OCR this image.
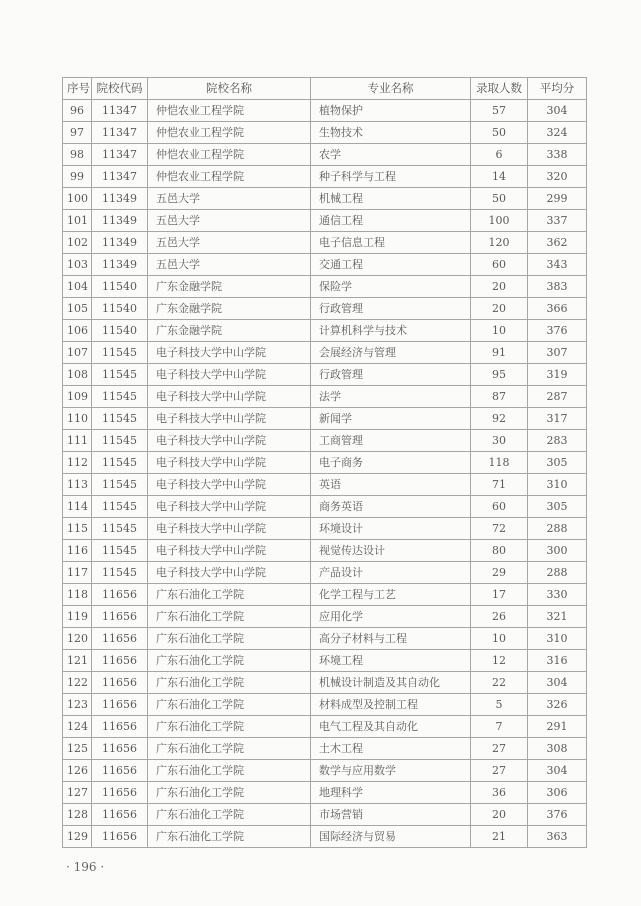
序号	院校代码	院校名称	专业名称	录取人数	平均分
96	11347	仲恺农业工程学院	植物保护	57	304
97	11347	仲恺农业工程学院	生物技术	50	324
98	11347	仲恺农业工程学院	农学	6	338
99	11347	仲恺农业工程学院	种子科学与工程	14	320
100	11349	五邑大学	机械工程	50	299
101	11349	五邑大学	通信工程	100	337
102	11349	五邑大学	电子信息工程	120	362
103	11349	五邑大学	交通工程	60	343
104	11540	广东金融学院	保险学	20	383
105	11540	广东金融学院	行政管理	20	366
106	11540	广东金融学院	计算机科学与技术	10	376
107	11545	电子科技大学中山学院	会展经济与管理	91	307
108	11545	电子科技大学中山学院	行政管理	95	319
109	11545	电子科技大学中山学院	法学	87	287
110	11545	电子科技大学中山学院	新闻学	92	317
111	11545	电子科技大学中山学院	工商管理	30	283
112	11545	电子科技大学中山学院	电子商务	118	305
113	11545	电子科技大学中山学院	英语	71	310
114	11545	电子科技大学中山学院	商务英语	60	305
115	11545	电子科技大学中山学院	环境设计	72	288
116	11545	电子科技大学中山学院	视觉传达设计	80	300
117	11545	电子科技大学中山学院	产品设计	29	288
118	11656	广东石油化工学院	化学工程与工艺	17	330
119	11656	广东石油化工学院	应用化学	26	321
120	11656	广东石油化工学院	高分子材料与工程	10	310
121	11656	广东石油化工学院	环境工程	12	316
122	11656	广东石油化工学院	机械设计制造及其自动化	22	304
123	11656	广东石油化工学院	材料成型及控制工程	5	326
124	11656	广东石油化工学院	电气工程及其自动化	7	291
125	11656	广东石油化工学院	土木工程	27	308
126	11656	广东石油化工学院	数学与应用数学	27	304
127	11656	广东石油化工学院	地理科学	36	306
128	11656	广东石油化工学院	市场营销	20	376
129	11656	广东石油化工学院	国际经济与贸易	21	363
· 196 ·
